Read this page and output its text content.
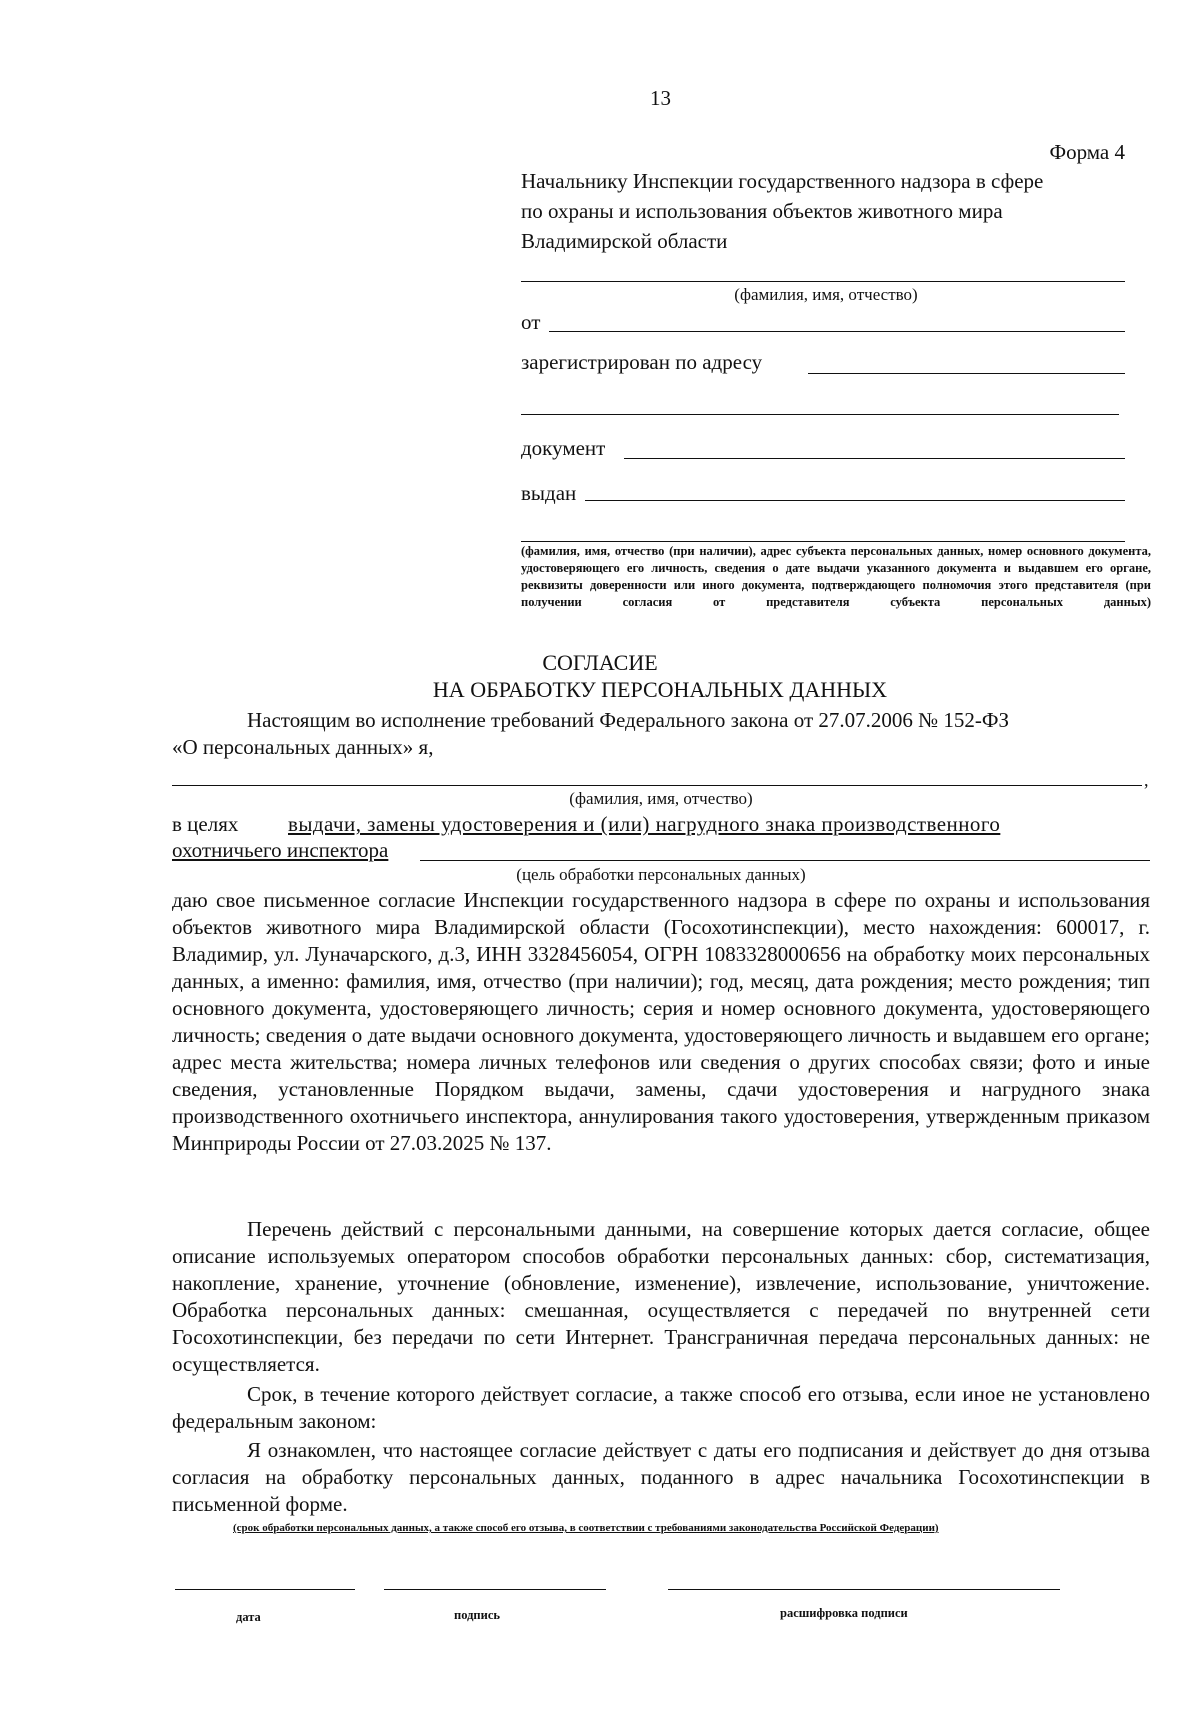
13
Форма 4
Начальнику Инспекции государственного надзора в сфере
по охраны и использования объектов животного мира
Владимирской области
(фамилия, имя, отчество)
от
зарегистрирован по адресу
документ
выдан
(фамилия, имя, отчество (при наличии), адрес субъекта персональных данных, номер основного документа, удостоверяющего его личность, сведения о дате выдачи указанного документа и выдавшем его органе, реквизиты доверенности или иного документа, подтверждающего полномочия этого представителя (при получении согласия от представителя субъекта персональных данных)
СОГЛАСИЕ
НА ОБРАБОТКУ ПЕРСОНАЛЬНЫХ ДАННЫХ
Настоящим во исполнение требований Федерального закона от 27.07.2006 № 152-ФЗ
«О персональных данных» я,
,
(фамилия, имя, отчество)
в целях выдачи, замены удостоверения и (или) нагрудного знака производственного
охотничьего инспектора
(цель обработки персональных данных)
даю свое письменное согласие Инспекции государственного надзора в сфере по охраны и использования объектов животного мира Владимирской области (Госохотинспекции), место нахождения: 600017, г. Владимир, ул. Луначарского, д.3, ИНН 3328456054, ОГРН 1083328000656 на обработку моих персональных данных, а именно: фамилия, имя, отчество (при наличии); год, месяц, дата рождения; место рождения; тип основного документа, удостоверяющего личность; серия и номер основного документа, удостоверяющего личность; сведения о дате выдачи основного документа, удостоверяющего личность и выдавшем его органе; адрес места жительства; номера личных телефонов или сведения о других способах связи; фото и иные сведения, установленные Порядком выдачи, замены, сдачи удостоверения и нагрудного знака производственного охотничьего инспектора, аннулирования такого удостоверения, утвержденным приказом Минприроды России от 27.03.2025 № 137.
Перечень действий с персональными данными, на совершение которых дается согласие, общее описание используемых оператором способов обработки персональных данных: сбор, систематизация, накопление, хранение, уточнение (обновление, изменение), извлечение, использование, уничтожение. Обработка персональных данных: смешанная, осуществляется с передачей по внутренней сети Госохотинспекции, без передачи по сети Интернет. Трансграничная передача персональных данных: не осуществляется.
Срок, в течение которого действует согласие, а также способ его отзыва, если иное не установлено федеральным законом:
Я ознакомлен, что настоящее согласие действует с даты его подписания и действует до дня отзыва согласия на обработку персональных данных, поданного в адрес начальника Госохотинспекции в письменной форме.
(срок обработки персональных данных, а также способ его отзыва, в соответствии с требованиями законодательства Российской Федерации)
дата	подпись	расшифровка подписи
